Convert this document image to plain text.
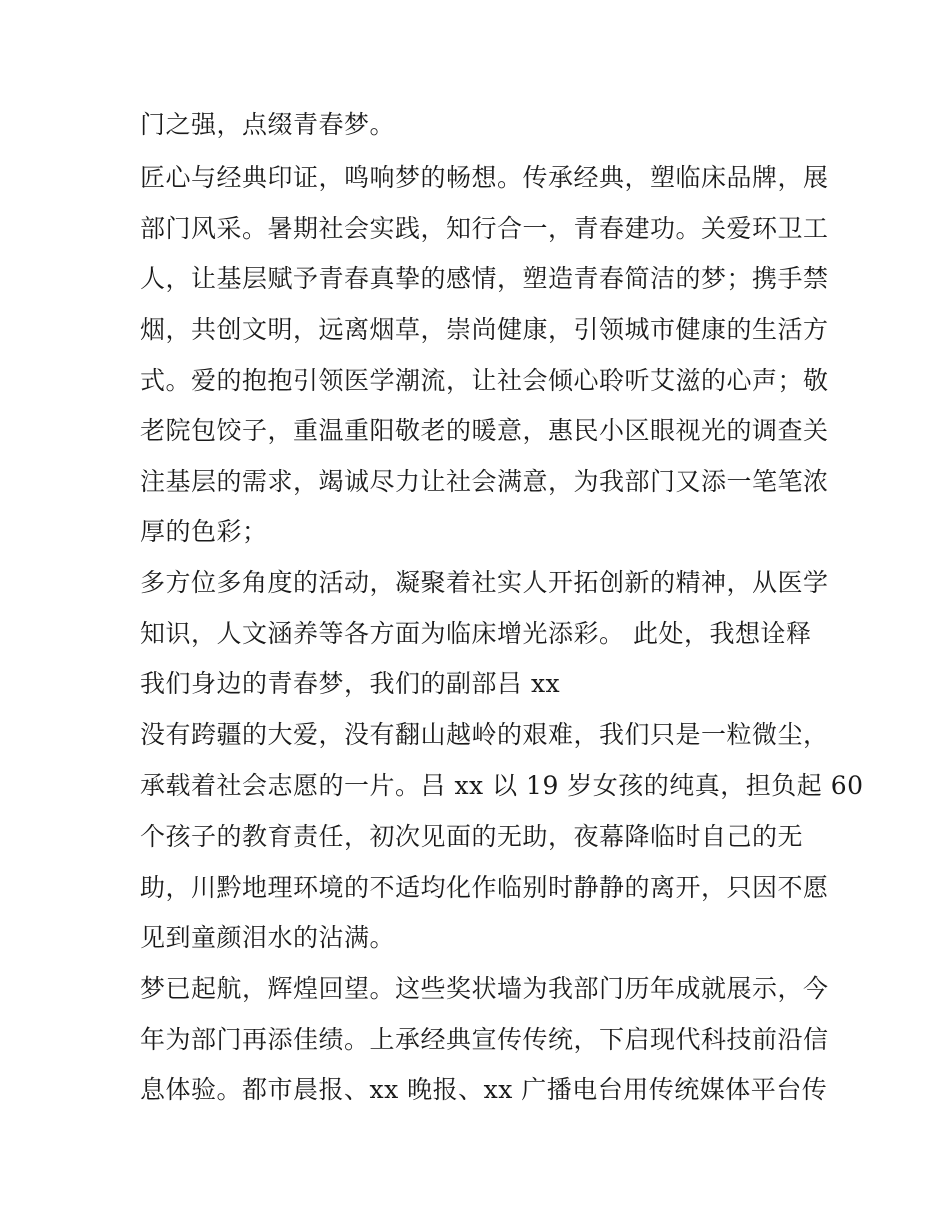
门之强，点缀青春梦。
匠心与经典印证，鸣响梦的畅想。传承经典，塑临床品牌，展
部门风采。暑期社会实践，知行合一，青春建功。关爱环卫工
人，让基层赋予青春真挚的感情，塑造青春简洁的梦；携手禁
烟，共创文明，远离烟草，崇尚健康，引领城市健康的生活方
式。爱的抱抱引领医学潮流，让社会倾心聆听艾滋的心声；敬
老院包饺子，重温重阳敬老的暖意，惠民小区眼视光的调查关
注基层的需求，竭诚尽力让社会满意，为我部门又添一笔笔浓
厚的色彩；
多方位多角度的活动，凝聚着社实人开拓创新的精神，从医学
知识，人文涵养等各方面为临床增光添彩。 此处，我想诠释
我们身边的青春梦，我们的副部吕 xx
没有跨疆的大爱，没有翻山越岭的艰难，我们只是一粒微尘，
承载着社会志愿的一片。吕 xx 以 19 岁女孩的纯真，担负起 60
个孩子的教育责任，初次见面的无助，夜幕降临时自己的无
助，川黔地理环境的不适均化作临别时静静的离开，只因不愿
见到童颜泪水的沾满。
梦已起航，辉煌回望。这些奖状墙为我部门历年成就展示，今
年为部门再添佳绩。上承经典宣传传统，下启现代科技前沿信
息体验。都市晨报、xx 晚报、xx 广播电台用传统媒体平台传
